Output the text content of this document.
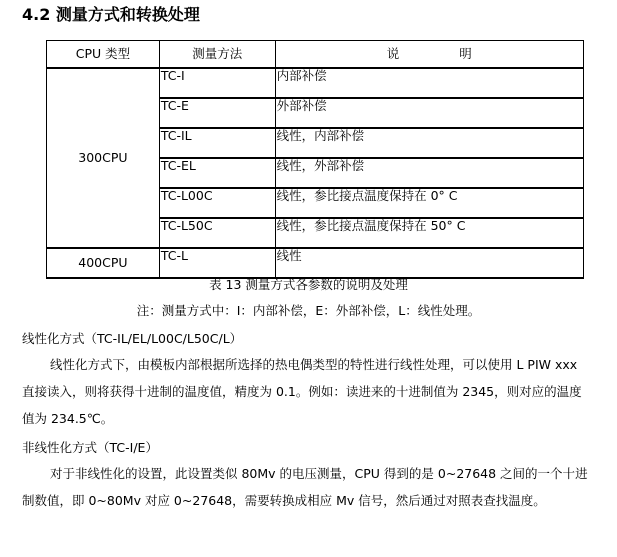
4.2 测量方式和转换处理
CPU 类型	测量方法	说 明
300CPU	TC-I	内部补偿
	TC-E	外部补偿
	TC-IL	线性，内部补偿
	TC-EL	线性，外部补偿
	TC-L00C	线性，参比接点温度保持在 0° C
	TC-L50C	线性，参比接点温度保持在 50° C
400CPU	TC-L	线性
表 13 测量方式各参数的说明及处理
注：测量方式中：I：内部补偿，E：外部补偿，L：线性处理。
线性化方式（TC-IL/EL/L00C/L50C/L）
线性化方式下，由模板内部根据所选择的热电偶类型的特性进行线性处理，可以使用 L PIW xxx 直接读入，则将获得十进制的温度值，精度为 0.1。例如：读进来的十进制值为 2345，则对应的温度值为 234.5℃。
非线性化方式（TC-I/E）
对于非线性化的设置，此设置类似 80Mv 的电压测量，CPU 得到的是 0~27648 之间的一个十进制数值，即 0~80Mv 对应 0~27648，需要转换成相应 Mv 信号，然后通过对照表查找温度。
